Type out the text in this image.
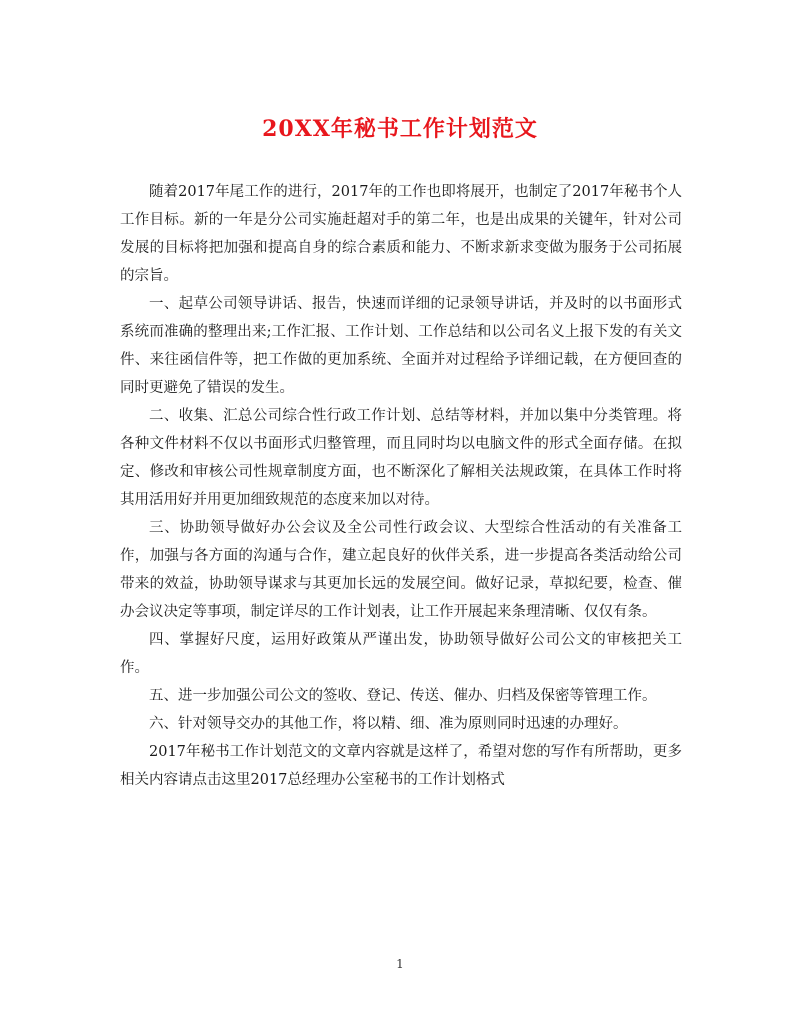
20XX年秘书工作计划范文

随着2017年尾工作的进行，2017年的工作也即将展开，也制定了2017年秘书个人工作目标。新的一年是分公司实施赶超对手的第二年，也是出成果的关键年，针对公司发展的目标将把加强和提高自身的综合素质和能力、不断求新求变做为服务于公司拓展的宗旨。

一、起草公司领导讲话、报告，快速而详细的记录领导讲话，并及时的以书面形式系统而准确的整理出来;工作汇报、工作计划、工作总结和以公司名义上报下发的有关文件、来往函信件等，把工作做的更加系统、全面并对过程给予详细记载，在方便回查的同时更避免了错误的发生。

二、收集、汇总公司综合性行政工作计划、总结等材料，并加以集中分类管理。将各种文件材料不仅以书面形式归整管理，而且同时均以电脑文件的形式全面存储。在拟定、修改和审核公司性规章制度方面，也不断深化了解相关法规政策，在具体工作时将其用活用好并用更加细致规范的态度来加以对待。

三、协助领导做好办公会议及全公司性行政会议、大型综合性活动的有关准备工作，加强与各方面的沟通与合作，建立起良好的伙伴关系，进一步提高各类活动给公司带来的效益，协助领导谋求与其更加长远的发展空间。做好记录，草拟纪要，检查、催办会议决定等事项，制定详尽的工作计划表，让工作开展起来条理清晰、仅仅有条。

四、掌握好尺度，运用好政策从严谨出发，协助领导做好公司公文的审核把关工作。

五、进一步加强公司公文的签收、登记、传送、催办、归档及保密等管理工作。

六、针对领导交办的其他工作，将以精、细、准为原则同时迅速的办理好。

2017年秘书工作计划范文的文章内容就是这样了，希望对您的写作有所帮助，更多相关内容请点击这里2017总经理办公室秘书的工作计划格式

1
